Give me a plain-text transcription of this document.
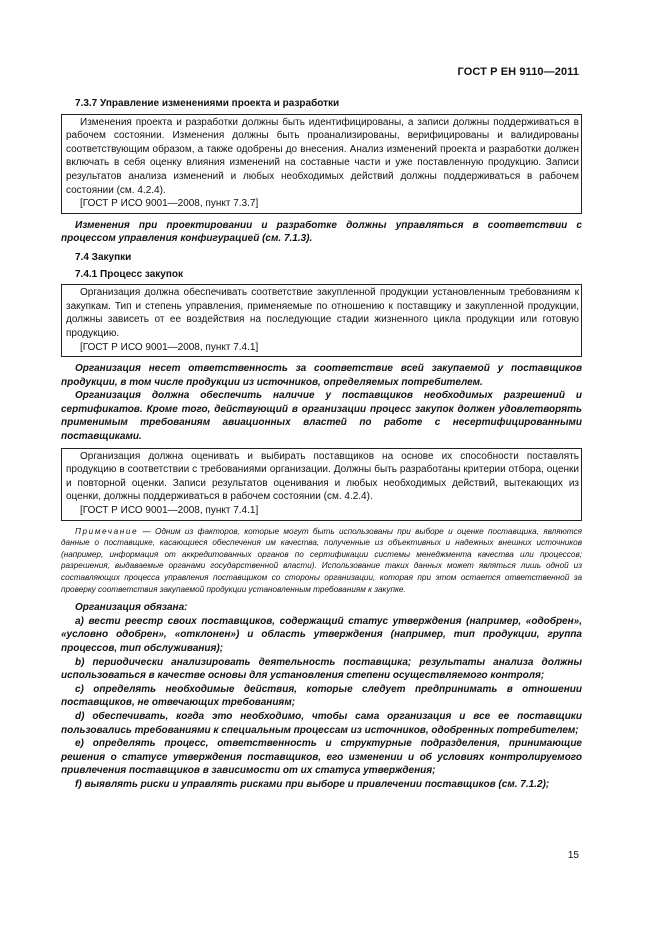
ГОСТ Р ЕН 9110—2011

7.3.7 Управление изменениями проекта и разработки

Изменения проекта и разработки должны быть идентифицированы, а записи должны поддерживаться в рабочем состоянии. Изменения должны быть проанализированы, верифицированы и валидированы соответствующим образом, а также одобрены до внесения. Анализ изменений проекта и разработки должен включать в себя оценку влияния изменений на составные части и уже поставленную продукцию. Записи результатов анализа изменений и любых необходимых действий должны поддерживаться в рабочем состоянии (см. 4.2.4).

[ГОСТ Р ИСО 9001—2008, пункт 7.3.7]

Изменения при проектировании и разработке должны управляться в соответствии с процессом управления конфигурацией (см. 7.1.3).

7.4 Закупки

7.4.1 Процесс закупок

Организация должна обеспечивать соответствие закупленной продукции установленным требованиям к закупкам. Тип и степень управления, применяемые по отношению к поставщику и закупленной продукции, должны зависеть от ее воздействия на последующие стадии жизненного цикла продукции или готовую продукцию.

[ГОСТ Р ИСО 9001—2008, пункт 7.4.1]

Организация несет ответственность за соответствие всей закупаемой у поставщиков продукции, в том числе продукции из источников, определяемых потребителем.

Организация должна обеспечить наличие у поставщиков необходимых разрешений и сертификатов. Кроме того, действующий в организации процесс закупок должен удовлетворять применимым требованиям авиационных властей по работе с несертифицированными поставщиками.

Организация должна оценивать и выбирать поставщиков на основе их способности поставлять продукцию в соответствии с требованиями организации. Должны быть разработаны критерии отбора, оценки и повторной оценки. Записи результатов оценивания и любых необходимых действий, вытекающих из оценки, должны поддерживаться в рабочем состоянии (см. 4.2.4).

[ГОСТ Р ИСО 9001—2008, пункт 7.4.1]

Примечание — Одним из факторов, которые могут быть использованы при выборе и оценке поставщика, являются данные о поставщике, касающиеся обеспечения им качества, полученные из объективных и надежных внешних источников (например, информация от аккредитованных органов по сертификации системы менеджмента качества или процессов; разрешения, выдаваемые органами государственной власти). Использование таких данных может являться лишь одной из составляющих процесса управления поставщиком со стороны организации, которая при этом остается ответственной за проверку соответствия закупаемой продукции установленным требованиям к закупке.

Организация обязана:

а) вести реестр своих поставщиков, содержащий статус утверждения (например, «одобрен», «условно одобрен», «отклонен») и область утверждения (например, тип продукции, группа процессов, тип обслуживания);

b) периодически анализировать деятельность поставщика; результаты анализа должны использоваться в качестве основы для установления степени осуществляемого контроля;

c) определять необходимые действия, которые следует предпринимать в отношении поставщиков, не отвечающих требованиям;

d) обеспечивать, когда это необходимо, чтобы сама организация и все ее поставщики пользовались требованиями к специальным процессам из источников, одобренных потребителем;

е) определять процесс, ответственность и структурные подразделения, принимающие решения о статусе утверждения поставщиков, его изменении и об условиях контролируемого привлечения поставщиков в зависимости от их статуса утверждения;

f) выявлять риски и управлять рисками при выборе и привлечении поставщиков (см. 7.1.2);

15
